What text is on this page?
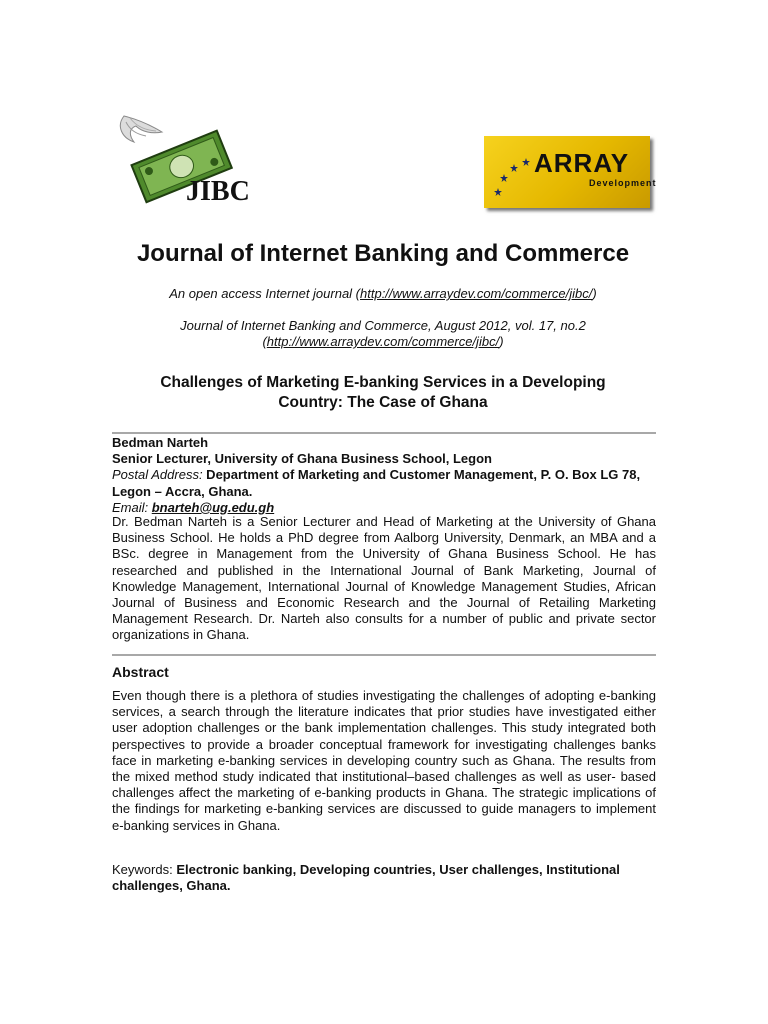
JIBC
ARRAY
Development
Journal of Internet Banking and Commerce
An open access Internet journal (http://www.arraydev.com/commerce/jibc/)
Journal of Internet Banking and Commerce, August 2012, vol. 17, no.2
(http://www.arraydev.com/commerce/jibc/)
Challenges of Marketing E-banking Services in a Developing
Country: The Case of Ghana
Bedman Narteh
Senior Lecturer, University of Ghana Business School, Legon
Postal Address: Department of Marketing and Customer Management, P. O. Box LG 78, Legon – Accra, Ghana.
Email: bnarteh@ug.edu.gh
Dr. Bedman Narteh is a Senior Lecturer and Head of Marketing at the University of Ghana Business School. He holds a PhD degree from Aalborg University, Denmark, an MBA and a BSc. degree in Management from the University of Ghana Business School. He has researched and published in the International Journal of Bank Marketing, Journal of Knowledge Management, International Journal of Knowledge Management Studies, African Journal of Business and Economic Research and the Journal of Retailing Marketing Management Research. Dr. Narteh also consults for a number of public and private sector organizations in Ghana.
Abstract
Even though there is a plethora of studies investigating the challenges of adopting e-banking services, a search through the literature indicates that prior studies have investigated either user adoption challenges or the bank implementation challenges. This study integrated both perspectives to provide a broader conceptual framework for investigating challenges banks face in marketing e-banking services in developing country such as Ghana. The results from the mixed method study indicated that institutional–based challenges as well as user- based challenges affect the marketing of e-banking products in Ghana. The strategic implications of the findings for marketing e-banking services are discussed to guide managers to implement e-banking services in Ghana.
Keywords: Electronic banking, Developing countries, User challenges, Institutional challenges, Ghana.
